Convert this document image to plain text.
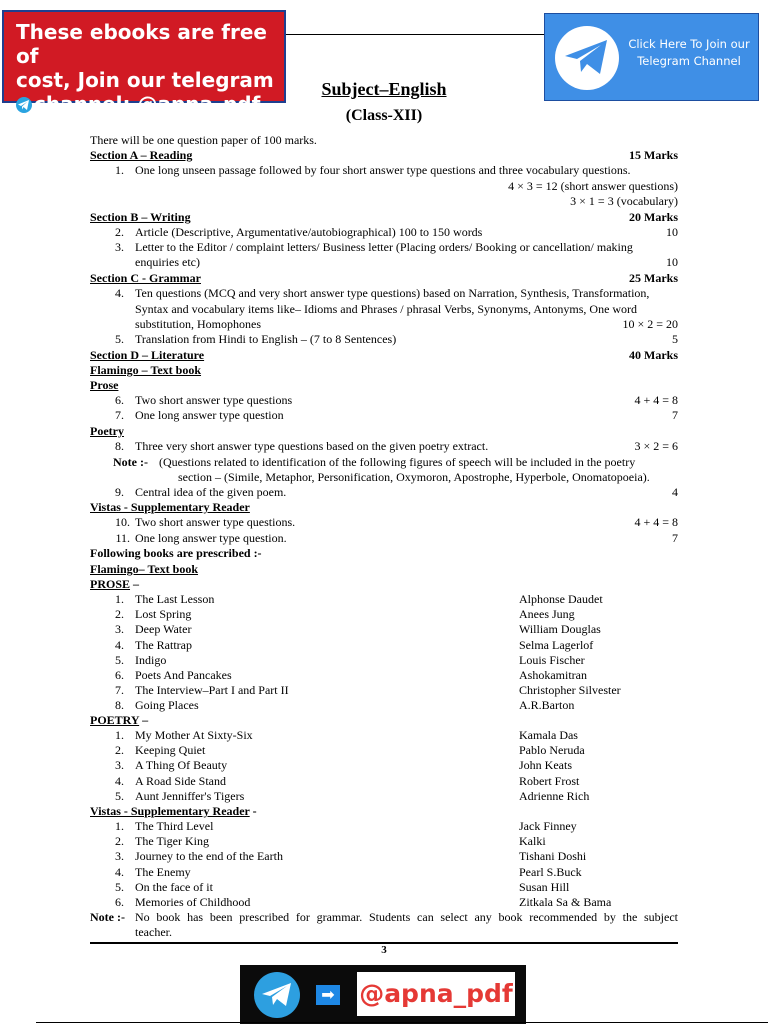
These ebooks are free of
cost, Join our telegram
channel: @apna_pdf
Click Here To Join our
Telegram Channel
Subject–English
(Class-XII)
There will be one question paper of 100 marks.
Section A – Reading	15 Marks
1. One long unseen passage followed by four short answer type questions and three vocabulary questions.
4 × 3 = 12 (short answer questions)
3 × 1 = 3 (vocabulary)
Section B – Writing	20 Marks
2. Article (Descriptive, Argumentative/autobiographical) 100 to 150 words	10
3. Letter to the Editor / complaint letters/ Business letter (Placing orders/ Booking or cancellation/ making
enquiries etc)	10
Section C - Grammar	25 Marks
4. Ten questions (MCQ and very short answer type questions) based on Narration, Synthesis, Transformation,
Syntax and vocabulary items like– Idioms and Phrases / phrasal Verbs, Synonyms, Antonyms, One word
substitution, Homophones	10 × 2 = 20
5. Translation from Hindi to English – (7 to 8 Sentences)	5
Section D – Literature	40 Marks
Flamingo – Text book
Prose
6. Two short answer type questions	4 + 4 = 8
7. One long answer type question	7
Poetry
8. Three very short answer type questions based on the given poetry extract.	3 × 2 = 6
Note :- (Questions related to identification of the following figures of speech will be included in the poetry
section – (Simile, Metaphor, Personification, Oxymoron, Apostrophe, Hyperbole, Onomatopoeia).
9. Central idea of the given poem.	4
Vistas - Supplementary Reader
10. Two short answer type questions.	4 + 4 = 8
11. One long answer type question.	7
Following books are prescribed :-
Flamingo– Text book
PROSE –
1. The Last Lesson	Alphonse Daudet
2. Lost Spring	Anees Jung
3. Deep Water	William Douglas
4. The Rattrap	Selma Lagerlof
5. Indigo	Louis Fischer
6. Poets And Pancakes	Ashokamitran
7. The Interview–Part I and Part II	Christopher Silvester
8. Going Places	A.R.Barton
POETRY –
1. My Mother At Sixty-Six	Kamala Das
2. Keeping Quiet	Pablo Neruda
3. A Thing Of Beauty	John Keats
4. A Road Side Stand	Robert Frost
5. Aunt Jenniffer's Tigers	Adrienne Rich
Vistas - Supplementary Reader -
1. The Third Level	Jack Finney
2. The Tiger King	Kalki
3. Journey to the end of the Earth	Tishani Doshi
4. The Enemy	Pearl S.Buck
5. On the face of it	Susan Hill
6. Memories of Childhood	Zitkala Sa & Bama
Note :- No book has been prescribed for grammar. Students can select any book recommended by the subject
teacher.
3
➡ @apna_pdf
